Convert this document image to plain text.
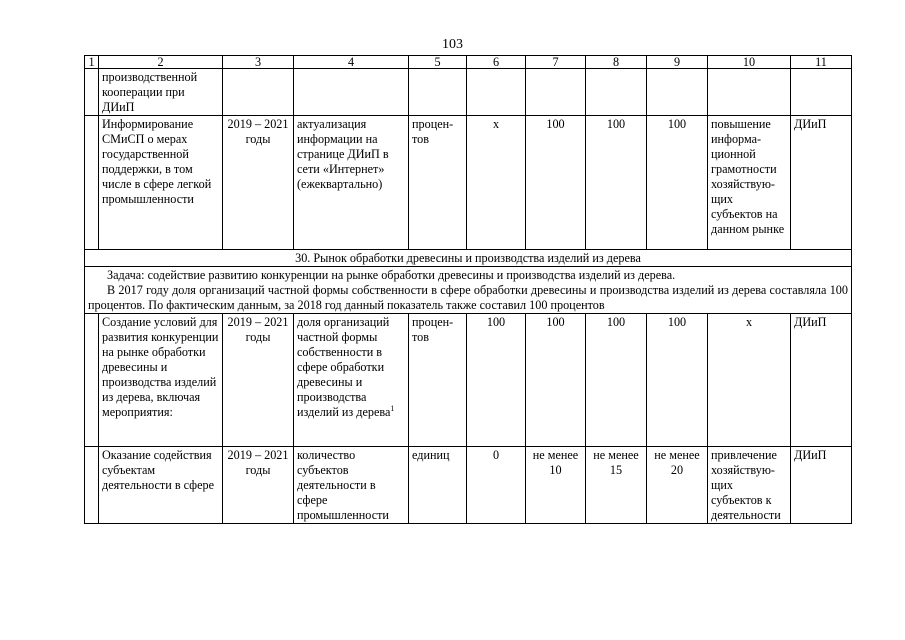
103
1	2	3	4	5	6	7	8	9	10	11
	производственной кооперации при ДИиП									
	Информирование СМиСП о мерах государственной поддержки, в том числе в сфере легкой промышленности	2019 – 2021 годы	актуализация информации на странице ДИиП в сети «Интернет» (ежеквартально)	процен-тов	х	100	100	100	повышение информа-ционной грамотности хозяйствую-щих субъектов на данном рынке	ДИиП
30. Рынок обработки древесины и производства изделий из дерева										

Задача: содействие развитию конкуренции на рынке обработки древесины и производства изделий из дерева.
В 2017 году доля организаций частной формы собственности в сфере обработки древесины и производства изделий из дерева составляла 100 процентов. По фактическим данным, за 2018 год данный показатель также составил 100 процентов										

	Создание условий для развития конкуренции на рынке обработки древесины и производства изделий из дерева, включая мероприятия:	2019 – 2021 годы	доля организаций частной формы собственности в сфере обработки древесины и производства изделий из дерева$^1$	процен-тов	100	100	100	100	х	ДИиП
	Оказание содействия субъектам деятельности в сфере	2019 – 2021 годы	количество субъектов деятельности в сфере промышленности	единиц	0	не менее 10	не менее 15	не менее 20	привлечение хозяйствую-щих субъектов к деятельности	ДИиП
